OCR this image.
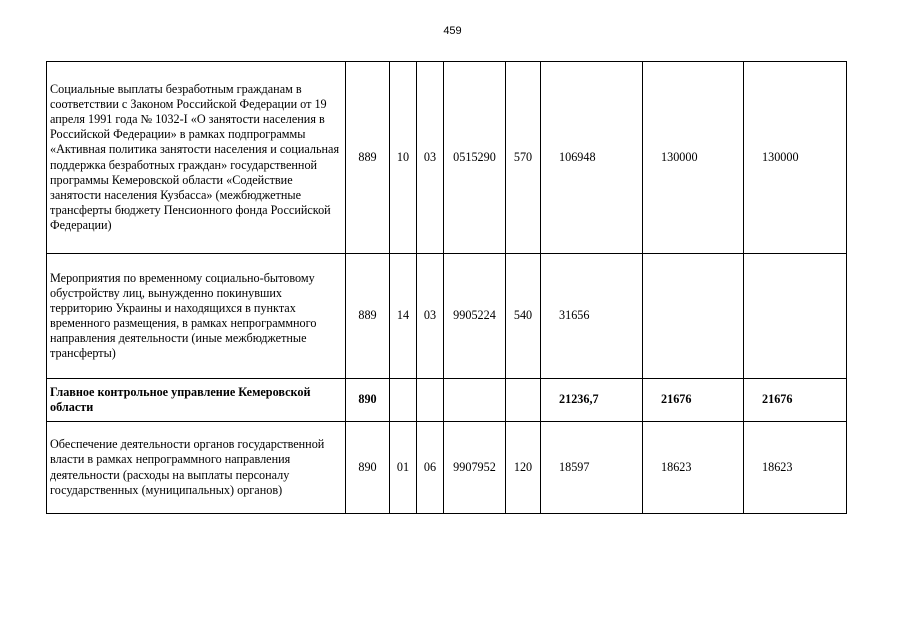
459
Социальные выплаты безработным гражданам в соответствии с Законом Российской Федерации от 19 апреля 1991 года № 1032-I «О занятости населения в Российской Федерации» в рамках подпрограммы «Активная политика занятости населения и социальная поддержка безработных граждан» государственной программы Кемеровской области «Содействие занятости населения Кузбасса» (межбюджетные трансферты бюджету Пенсионного фонда Российской Федерации)	889	10	03	0515290	570	106948	130000	130000
Мероприятия по временному социально-бытовому обустройству лиц, вынужденно покинувших территорию Украины и находящихся в пунктах временного размещения, в рамках непрограммного направления деятельности (иные межбюджетные трансферты)	889	14	03	9905224	540	31656		
Главное контрольное управление Кемеровской области	890					21236,7	21676	21676
Обеспечение деятельности органов государственной власти в рамках непрограммного направления деятельности (расходы на выплаты персоналу государственных (муниципальных) органов)	890	01	06	9907952	120	18597	18623	18623
